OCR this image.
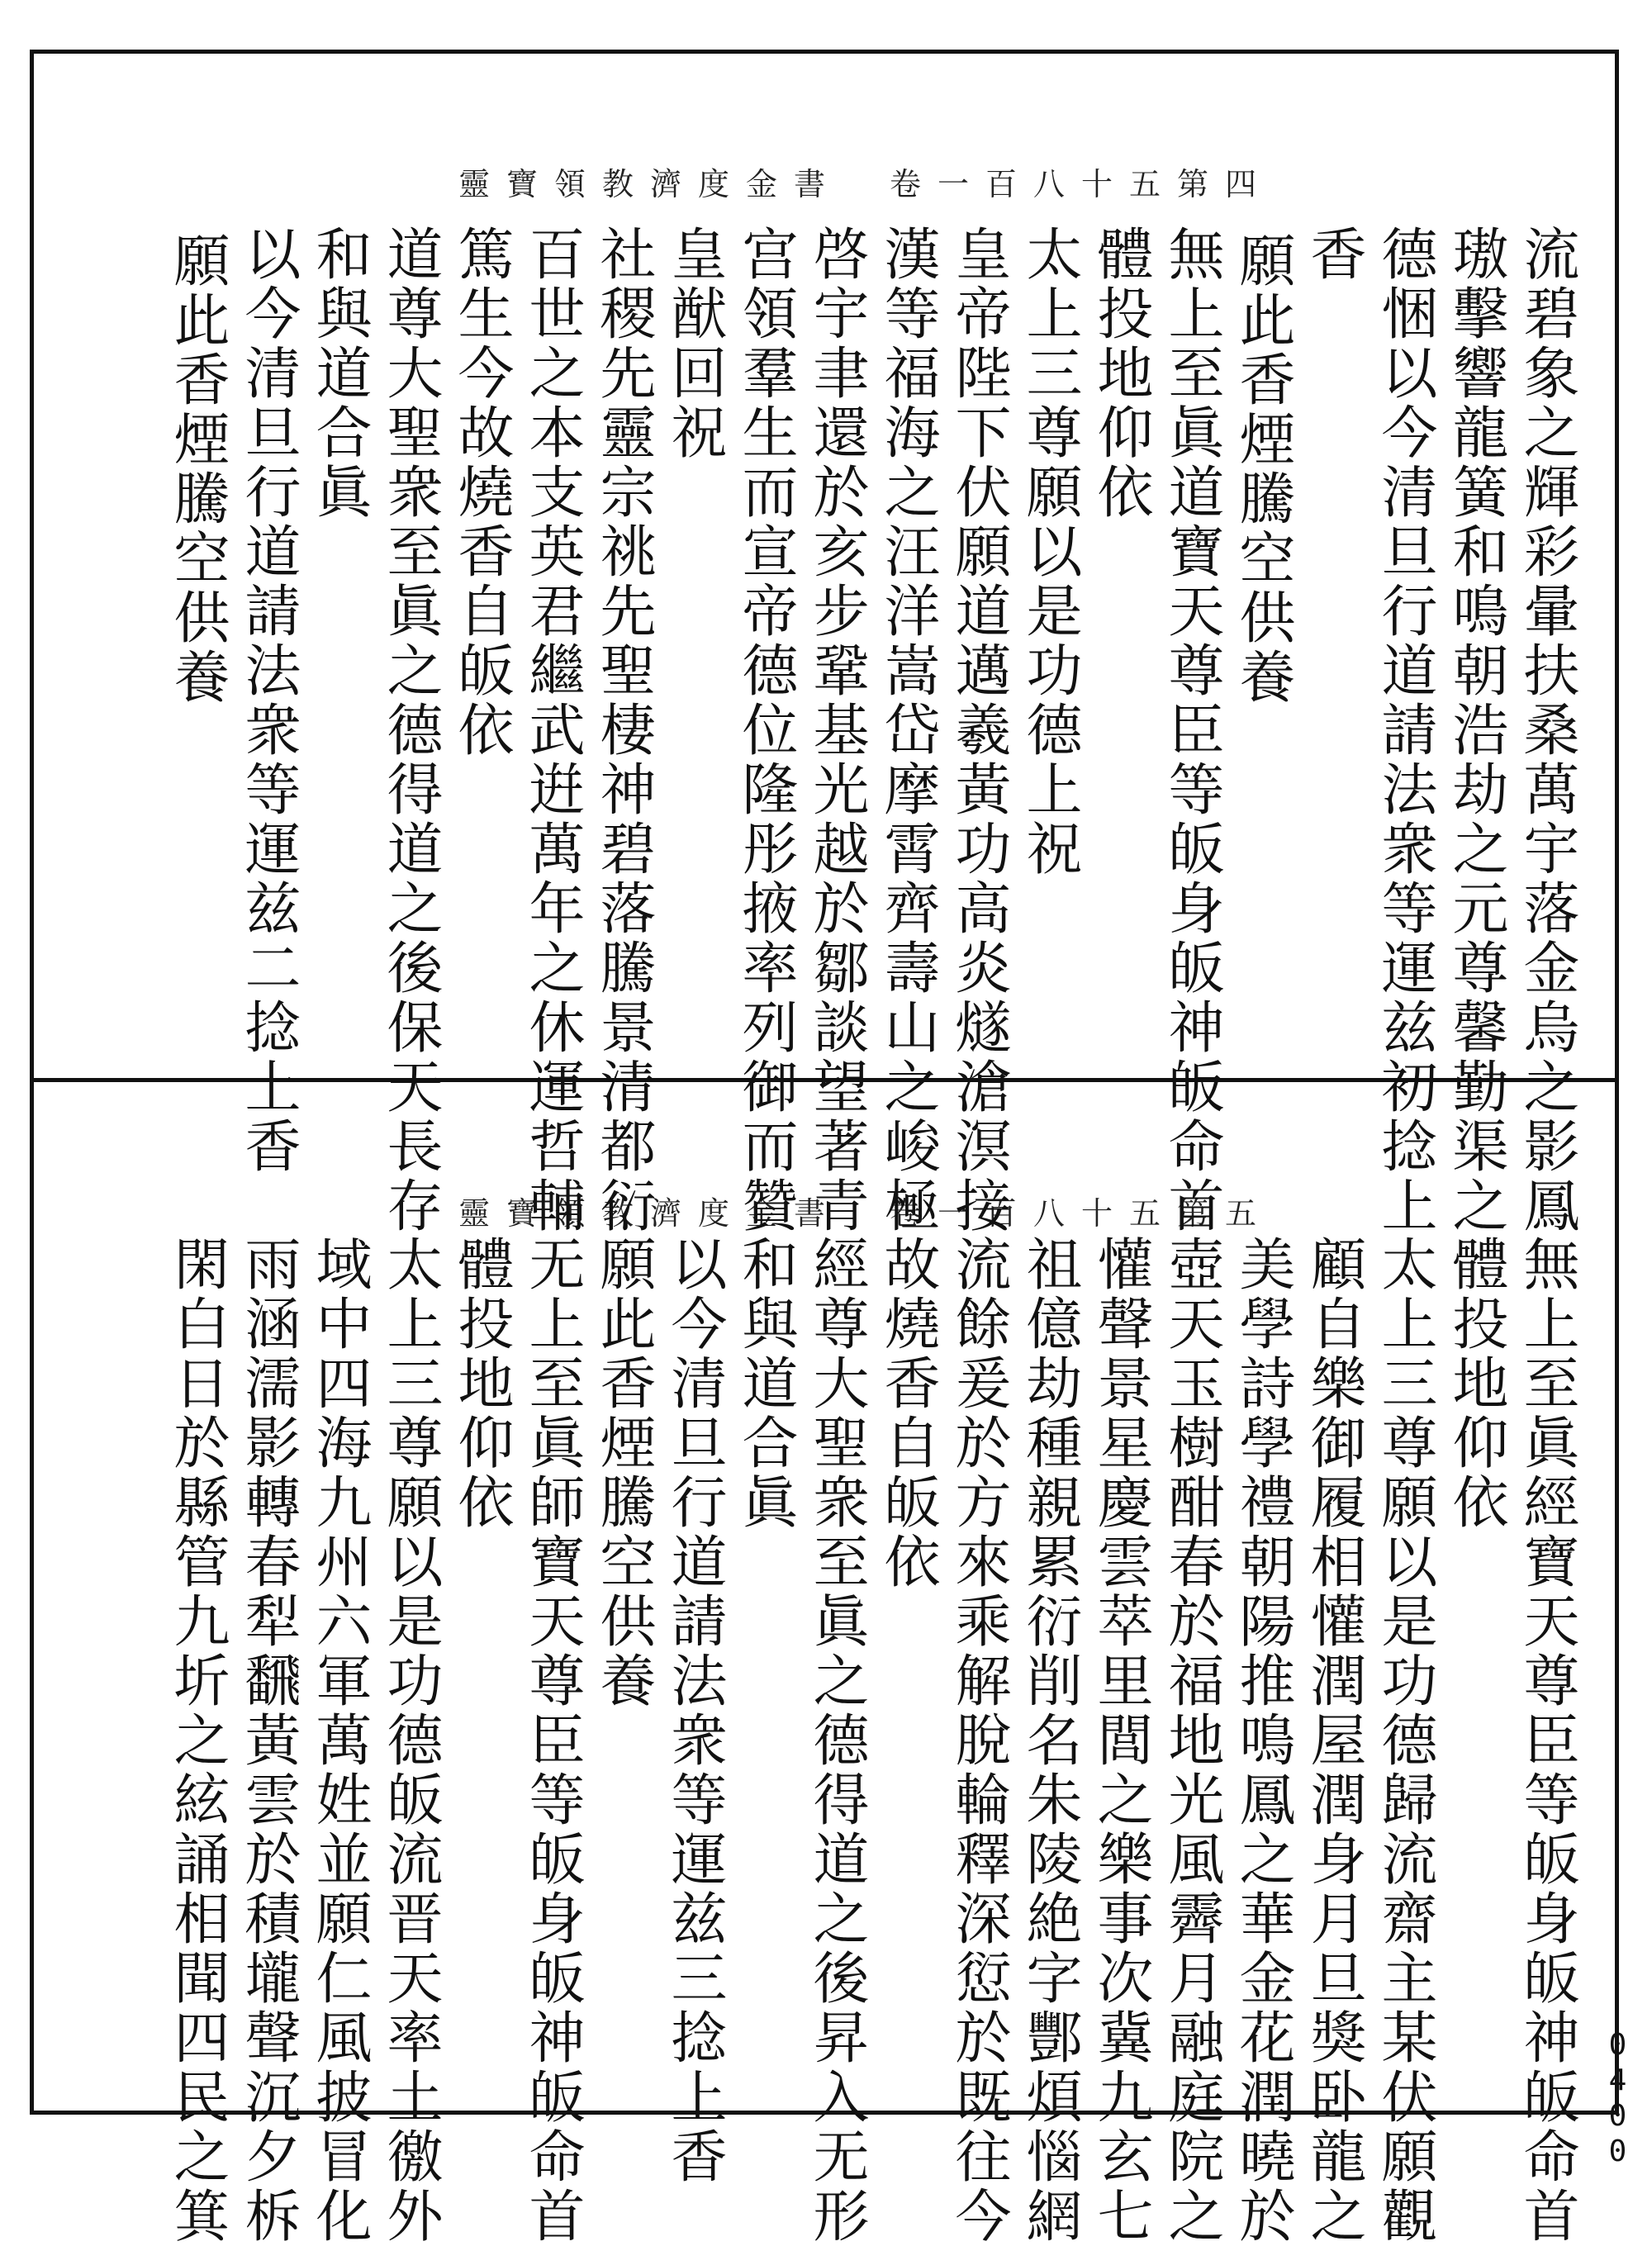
靈寶領教濟度金書　卷一百八十五第四
靈寶領教濟度金書　卷一百八十五第五	流碧象之輝彩暈扶桑萬宇落金烏之影鳳
璈擊響龍簧和鳴朝浩劫之元尊馨勤渠之
德悃以今清旦行道請法衆等運兹初捻上
香
願此香煙騰空供養
無上至眞道寶天尊臣等皈身皈神皈命首
體投地仰依
太上三尊願以是功德上祝
皇帝陛下伏願道邁羲黃功高炎燧滄溟接
漢等福海之汪洋嵩岱摩霄齊壽山之峻極
啓宇聿還於亥步鞏基光越於鄒談望著青
宫領羣生而宣帝德位隆彤掖率列御而贊
皇猷回祝
社稷先靈宗祧先聖棲神碧落騰景清都衍
百世之本支英君繼武逬萬年之休運哲輔
篤生今故燒香自皈依
道尊大聖衆至眞之德得道之後保天長存
和與道合眞
以今清旦行道請法衆等運兹二捻上香
願此香煙騰空供養
無上至眞經寶天尊臣等皈身皈神皈命首
體投地仰依
太上三尊願以是功德歸流齋主某伏願觀
顧自樂御履相懽潤屋潤身月旦獎卧龍之
美學詩學禮朝陽推鳴鳳之華金花潤曉於
壺天玉樹酣春於福地光風霽月融庭院之
懽聲景星慶雲萃里閭之樂事次冀九玄七
祖億劫種親累衍削名朱陵絶字酆煩惱網
流餘爰於方來乘解脫輪釋深愆於既往今
故燒香自皈依
經尊大聖衆至眞之德得道之後昇入无形
和與道合眞
以今清旦行道請法衆等運兹三捻上香
願此香煙騰空供養
无上至眞師寶天尊臣等皈身皈神皈命首
體投地仰依
太上三尊願以是功德皈流晋天率土徼外
域中四海九州六軍萬姓並願仁風披冒化
雨涵濡影轉春犁飜黃雲於積壠聲沉夕柝
閑白日於縣管九圻之絃誦相聞四民之箕	0400
